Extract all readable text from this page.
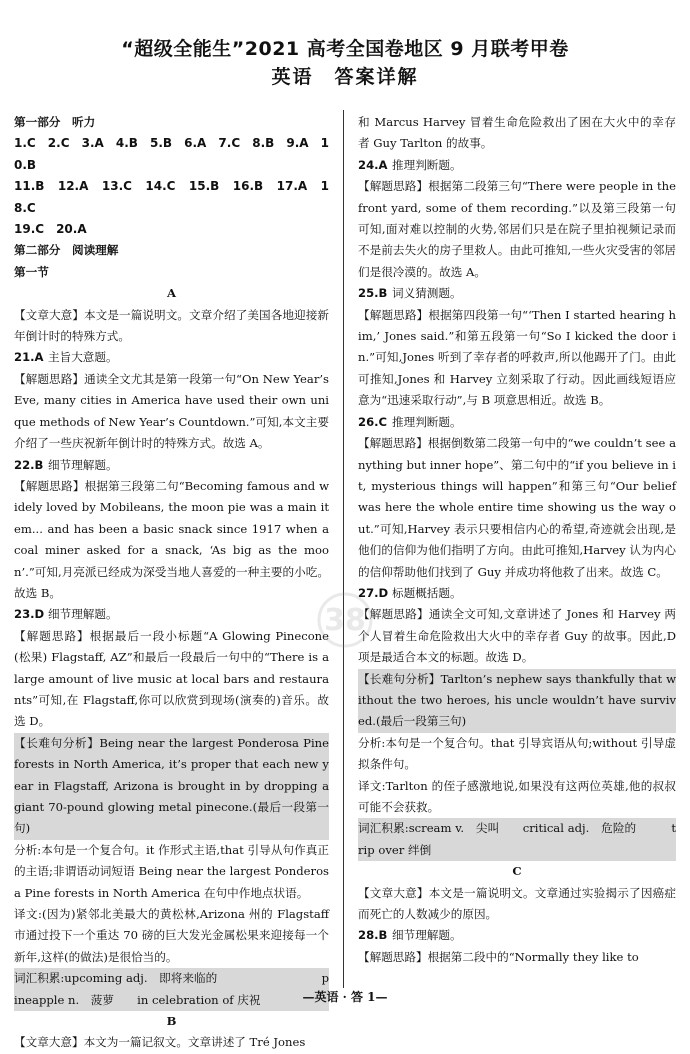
“超级全能生”2021 高考全国卷地区 9 月联考甲卷
英语　答案详解
第一部分　听力
1.C　2.C　3.A　4.B　5.B　6.A　7.C　8.B　9.A　10.B
11.B　12.A　13.C　14.C　15.B　16.B　17.A　18.C
19.C　20.A
第二部分　阅读理解
第一节
A
【文章大意】本文是一篇说明文。文章介绍了美国各地迎接新年倒计时的特殊方式。
21.A 主旨大意题。
【解题思路】通读全文尤其是第一段第一句“On New Year’s Eve, many cities in America have used their own unique methods of New Year’s Countdown.”可知,本文主要介绍了一些庆祝新年倒计时的特殊方式。故选 A。
22.B 细节理解题。
【解题思路】根据第三段第二句“Becoming famous and widely loved by Mobileans, the moon pie was a main item... and has been a basic snack since 1917 when a coal miner asked for a snack, ‘As big as the moon’.”可知,月亮派已经成为深受当地人喜爱的一种主要的小吃。故选 B。
23.D 细节理解题。
【解题思路】根据最后一段小标题“A Glowing Pinecone (松果) Flagstaff, AZ”和最后一段最后一句中的“There is a large amount of live music at local bars and restaurants”可知,在 Flagstaff,你可以欣赏到现场(演奏的)音乐。故选 D。
【长难句分析】Being near the largest Ponderosa Pine forests in North America, it’s proper that each new year in Flagstaff, Arizona is brought in by dropping a giant 70-pound glowing metal pinecone.(最后一段第一句)
分析:本句是一个复合句。it 作形式主语,that 引导从句作真正的主语;非谓语动词短语 Being near the largest Ponderosa Pine forests in North America 在句中作地点状语。
译文:(因为)紧邻北美最大的黄松林,Arizona 州的 Flagstaff 市通过投下一个重达 70 磅的巨大发光金属松果来迎接每一个新年,这样(的做法)是很恰当的。
词汇积累:upcoming adj.　即将来临的　　　　　　　　　pineapple n.　菠萝　　in celebration of 庆祝
B
【文章大意】本文为一篇记叙文。文章讲述了 Tré Jones
和 Marcus Harvey 冒着生命危险救出了困在大火中的幸存者 Guy Tarlton 的故事。
24.A 推理判断题。
【解题思路】根据第二段第三句“There were people in the front yard, some of them recording.”以及第三段第一句可知,面对难以控制的火势,邻居们只是在院子里拍视频记录而不是前去失火的房子里救人。由此可推知,一些火灾受害的邻居们是很冷漠的。故选 A。
25.B 词义猜测题。
【解题思路】根据第四段第一句“‘Then I started hearing him,’ Jones said.”和第五段第一句“So I kicked the door in.”可知,Jones 听到了幸存者的呼救声,所以他踢开了门。由此可推知,Jones 和 Harvey 立刻采取了行动。因此画线短语应意为“迅速采取行动”,与 B 项意思相近。故选 B。
26.C 推理判断题。
【解题思路】根据倒数第二段第一句中的“we couldn’t see anything but inner hope”、第二句中的“if you believe in it, mysterious things will happen”和第三句“Our belief was here the whole entire time showing us the way out.”可知,Harvey 表示只要相信内心的希望,奇迹就会出现,是他们的信仰为他们指明了方向。由此可推知,Harvey 认为内心的信仰帮助他们找到了 Guy 并成功将他救了出来。故选 C。
27.D 标题概括题。
【解题思路】通读全文可知,文章讲述了 Jones 和 Harvey 两个人冒着生命危险救出大火中的幸存者 Guy 的故事。因此,D 项是最适合本文的标题。故选 D。
【长难句分析】Tarlton’s nephew says thankfully that without the two heroes, his uncle wouldn’t have survived.(最后一段第三句)
分析:本句是一个复合句。that 引导宾语从句;without 引导虚拟条件句。
译文:Tarlton 的侄子感激地说,如果没有这两位英雄,他的叔叔可能不会获救。
词汇积累:scream v.　尖叫　　critical adj.　危险的　　　trip over 绊倒
C
【文章大意】本文是一篇说明文。文章通过实验揭示了因癌症而死亡的人数减少的原因。
28.B 细节理解题。
【解题思路】根据第二段中的“Normally they like to
38
—英语 · 答 1—
